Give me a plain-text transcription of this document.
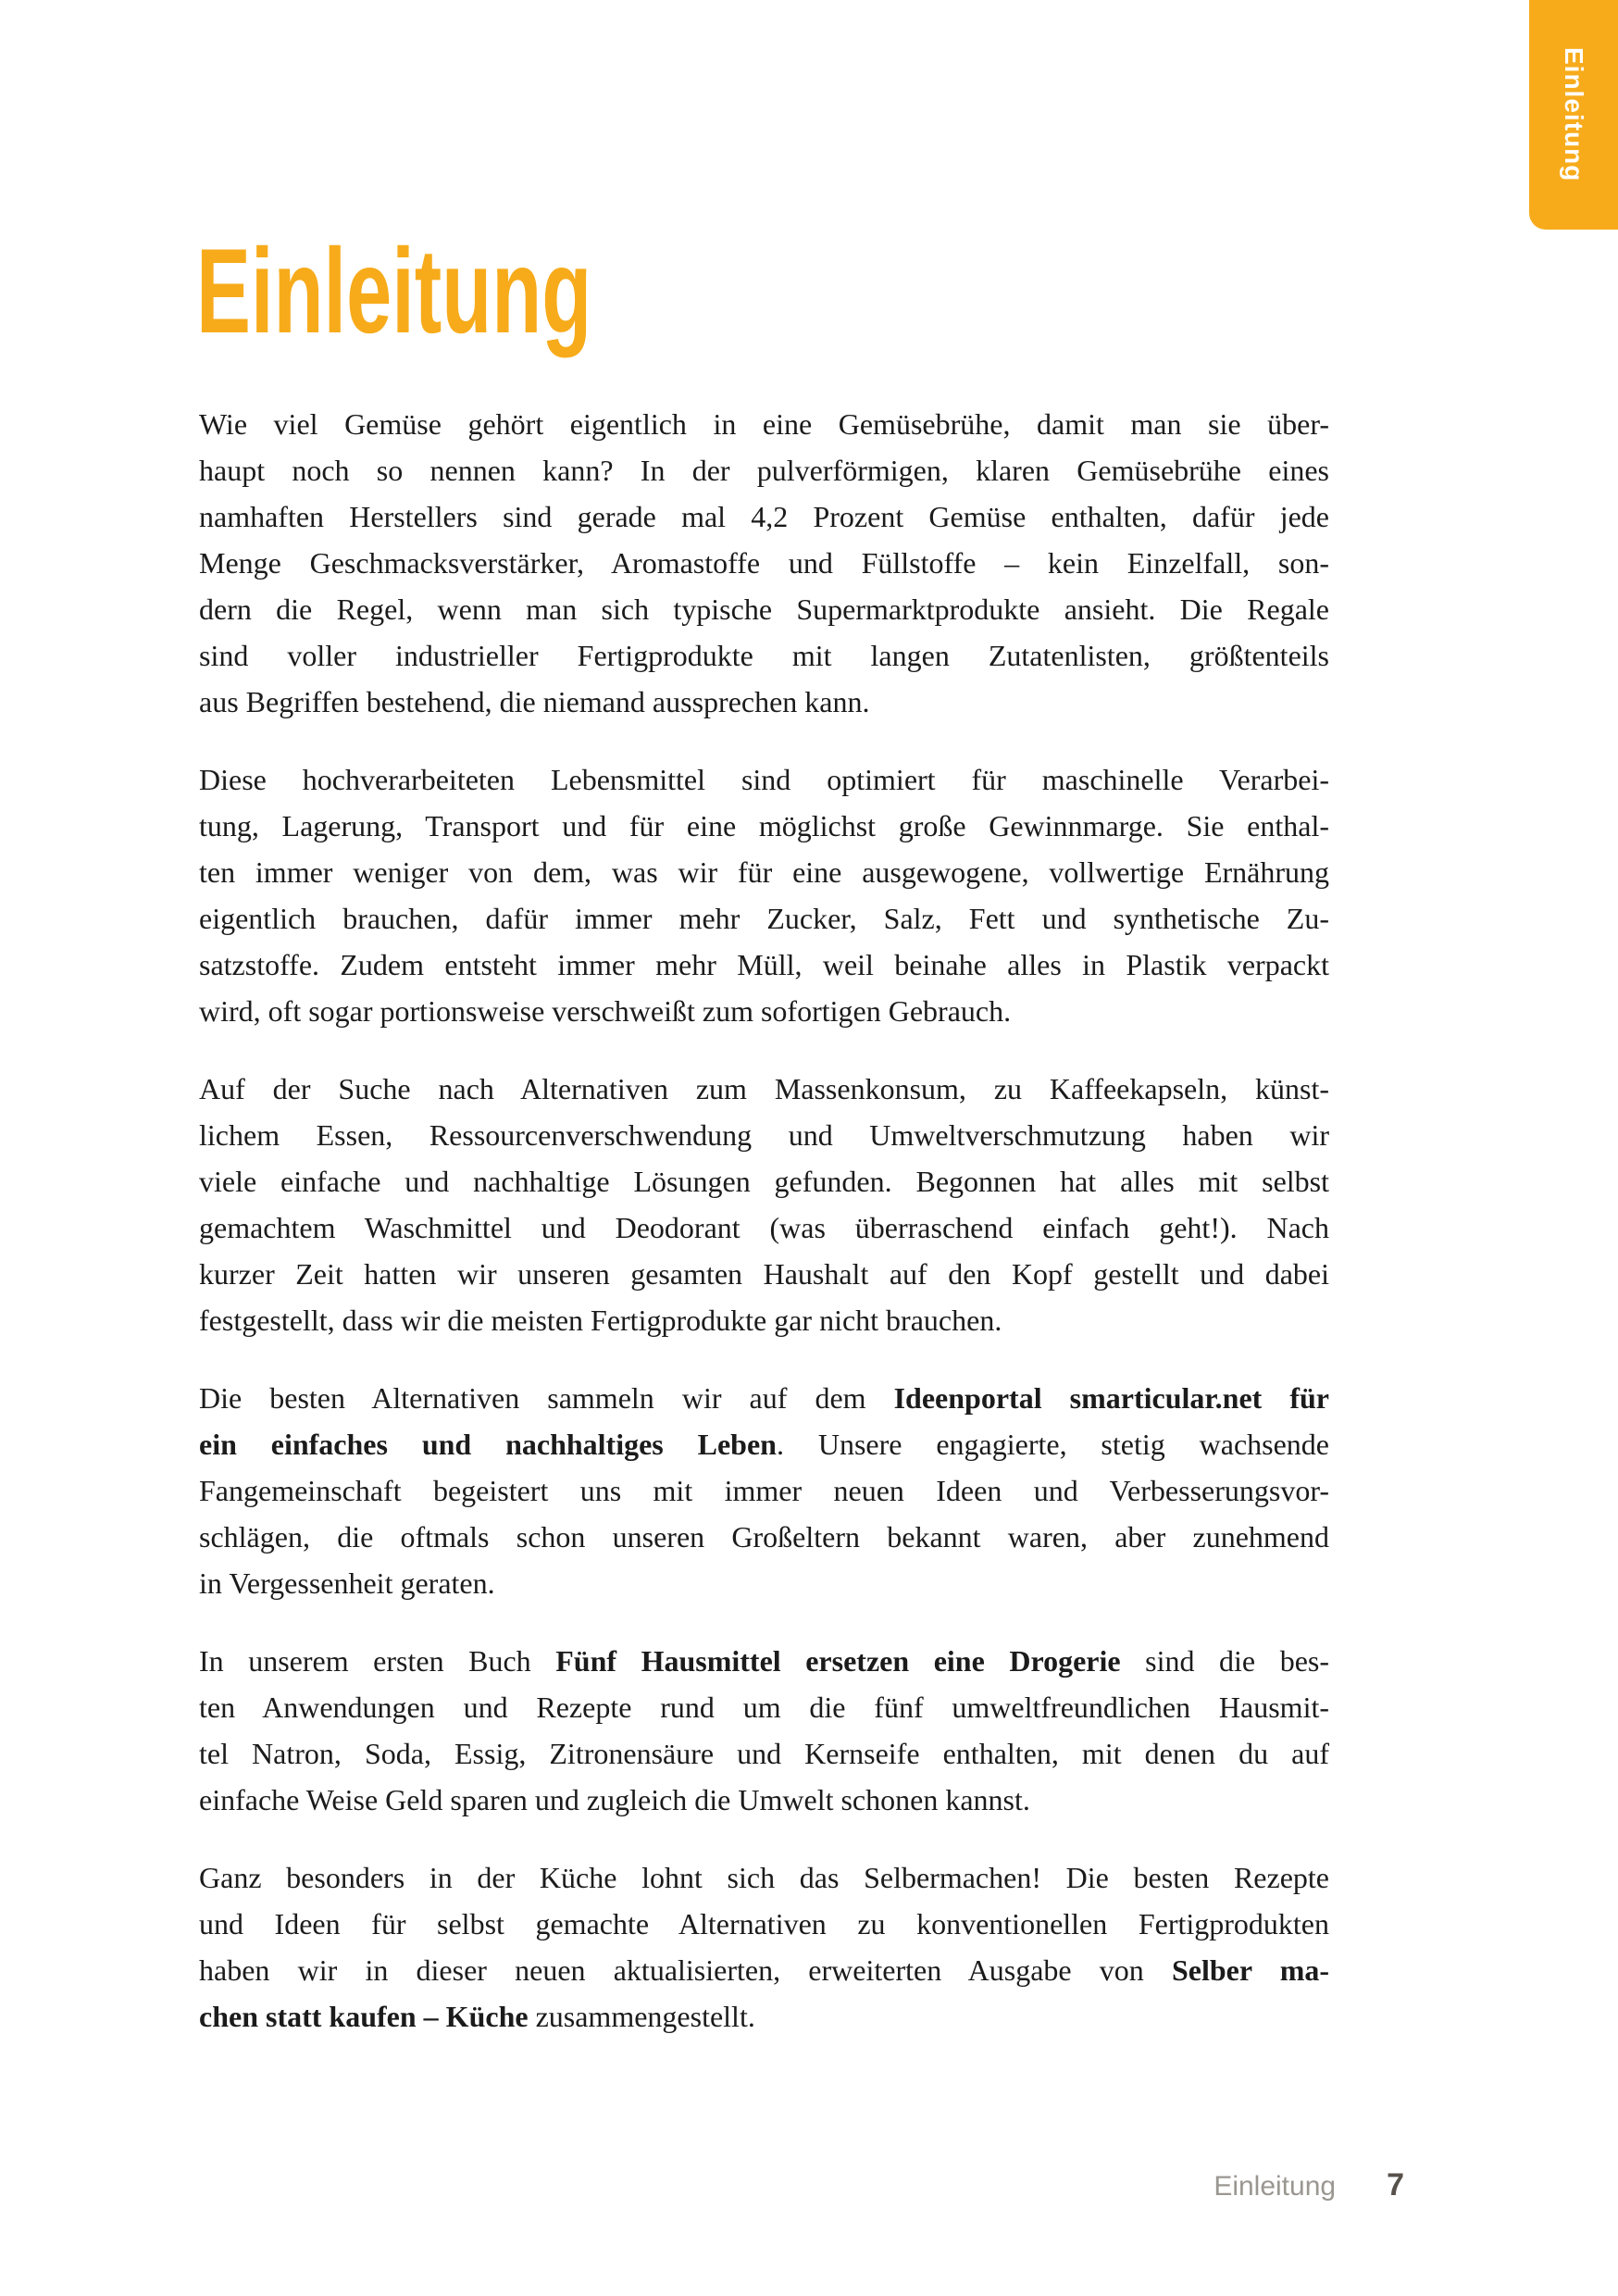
Einleitung
Einleitung
Wie viel Gemüse gehört eigentlich in eine Gemüsebrühe, damit man sie über-
haupt noch so nennen kann? In der pulverförmigen, klaren Gemüsebrühe eines
namhaften Herstellers sind gerade mal 4,2 Prozent Gemüse enthalten, dafür jede
Menge Geschmacksverstärker, Aromastoffe und Füllstoffe – kein Einzelfall, son-
dern die Regel, wenn man sich typische Supermarktprodukte ansieht. Die Regale
sind voller industrieller Fertigprodukte mit langen Zutatenlisten, größtenteils
aus Begriffen bestehend, die niemand aussprechen kann.
Diese hochverarbeiteten Lebensmittel sind optimiert für maschinelle Verarbei-
tung, Lagerung, Transport und für eine möglichst große Gewinnmarge. Sie enthal-
ten immer weniger von dem, was wir für eine ausgewogene, vollwertige Ernährung
eigentlich brauchen, dafür immer mehr Zucker, Salz, Fett und synthetische Zu-
satzstoffe. Zudem entsteht immer mehr Müll, weil beinahe alles in Plastik verpackt
wird, oft sogar portionsweise verschweißt zum sofortigen Gebrauch.
Auf der Suche nach Alternativen zum Massenkonsum, zu Kaffeekapseln, künst-
lichem Essen, Ressourcenverschwendung und Umweltverschmutzung haben wir
viele einfache und nachhaltige Lösungen gefunden. Begonnen hat alles mit selbst
gemachtem Waschmittel und Deodorant (was überraschend einfach geht!). Nach
kurzer Zeit hatten wir unseren gesamten Haushalt auf den Kopf gestellt und dabei
festgestellt, dass wir die meisten Fertigprodukte gar nicht brauchen.
Die besten Alternativen sammeln wir auf dem Ideenportal smarticular.net für
ein einfaches und nachhaltiges Leben. Unsere engagierte, stetig wachsende
Fangemeinschaft begeistert uns mit immer neuen Ideen und Verbesserungsvor-
schlägen, die oftmals schon unseren Großeltern bekannt waren, aber zunehmend
in Vergessenheit geraten.
In unserem ersten Buch Fünf Hausmittel ersetzen eine Drogerie sind die bes-
ten Anwendungen und Rezepte rund um die fünf umweltfreundlichen Hausmit-
tel Natron, Soda, Essig, Zitronensäure und Kernseife enthalten, mit denen du auf
einfache Weise Geld sparen und zugleich die Umwelt schonen kannst.
Ganz besonders in der Küche lohnt sich das Selbermachen! Die besten Rezepte
und Ideen für selbst gemachte Alternativen zu konventionellen Fertigprodukten
haben wir in dieser neuen aktualisierten, erweiterten Ausgabe von Selber ma-
chen statt kaufen – Küche zusammengestellt.
Einleitung 7
